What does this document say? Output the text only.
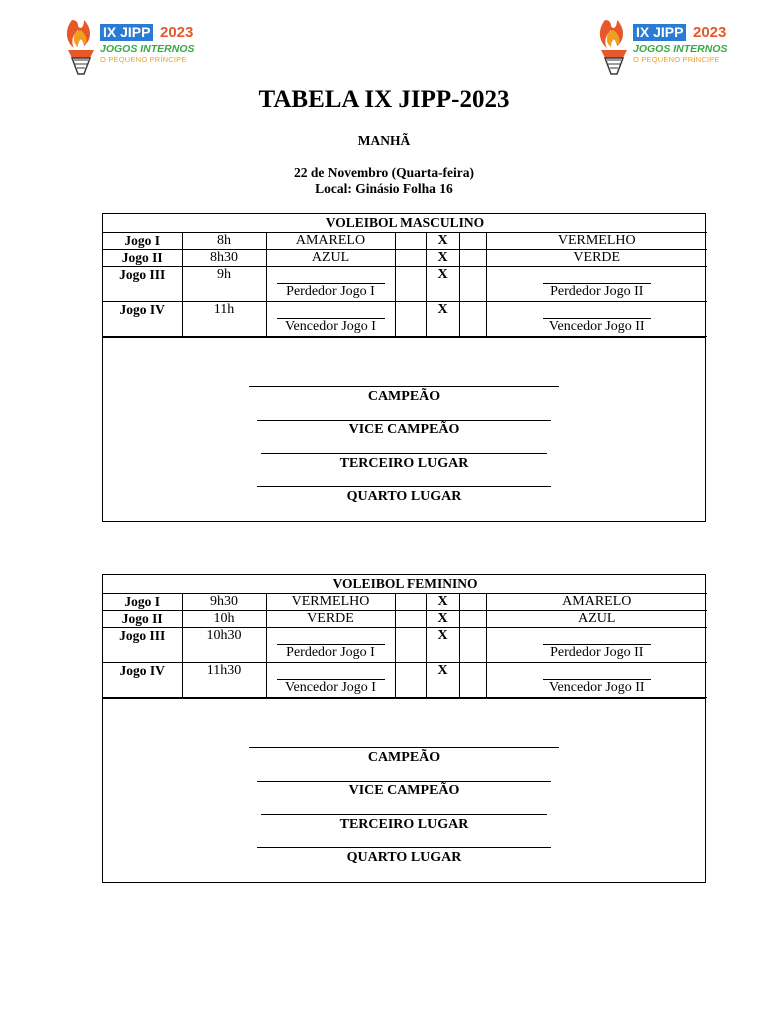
IX JIPP 2023
JOGOS INTERNOS
O PEQUENO PRÍNCIPE
IX JIPP 2023
JOGOS INTERNOS
O PEQUENO PRÍNCIPE
TABELA IX JIPP-2023
MANHÃ
22 de Novembro (Quarta-feira)
Local: Ginásio Folha 16
VOLEIBOL MASCULINO						
Jogo I	8h	AMARELO		X		VERMELHO
Jogo II	8h30	AZUL		X		VERDE
Jogo III	9h	Perdedor Jogo I		X		Perdedor Jogo II

Jogo IV	11h	Vencedor Jogo I		X		Vencedor Jogo II
CAMPEÃO
VICE CAMPEÃO
TERCEIRO LUGAR
QUARTO LUGAR
VOLEIBOL FEMININO						
Jogo I	9h30	VERMELHO		X		AMARELO
Jogo II	10h	VERDE		X		AZUL
Jogo III	10h30	Perdedor Jogo I		X		Perdedor Jogo II

Jogo IV	11h30	Vencedor Jogo I		X		Vencedor Jogo II
CAMPEÃO
VICE CAMPEÃO
TERCEIRO LUGAR
QUARTO LUGAR
